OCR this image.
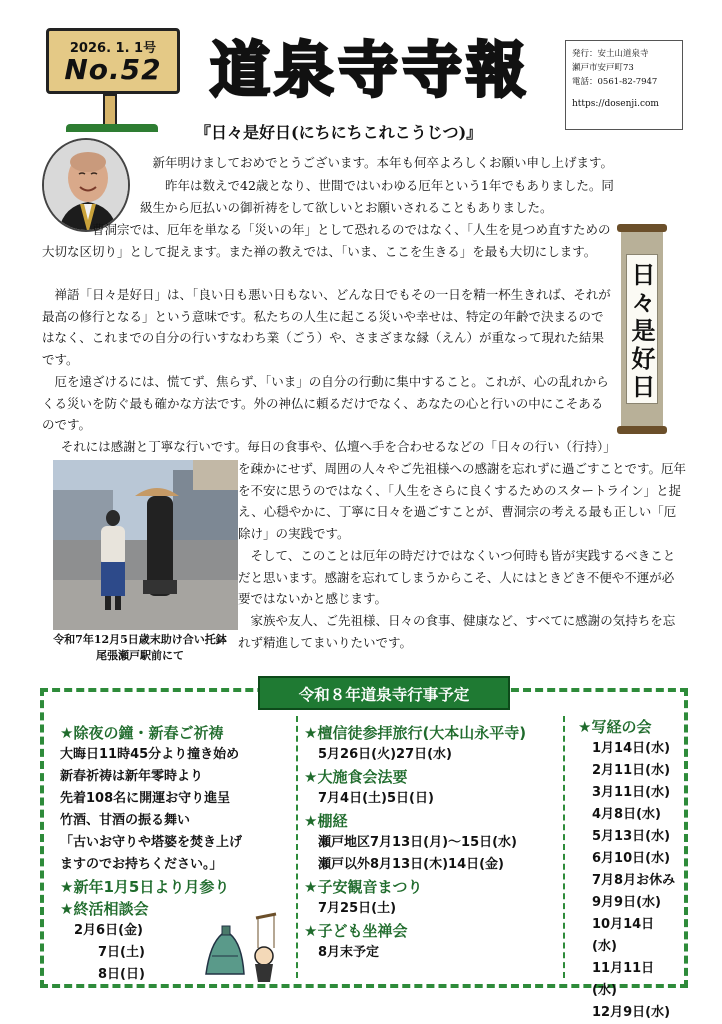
2026. 1. 1号
No.52 道泉寺寺報	発行：安土山道泉寺
瀬戸市安戸町73
電話：0561-82-7947
https://dosenji.com
『日々是好日(にちにちこれこうじつ)』
日々是好日

新年明けましておめでとうございます。本年も何卒よろしくお願い申し上げます。

昨年は数えで42歳となり、世間ではいわゆる厄年という1年でもありました。同級生から厄払いの御祈祷をして欲しいとお願いされることもありました。

曹洞宗では、厄年を単なる「災いの年」として恐れるのではなく、「人生を見つめ直すための大切な区切り」として捉えます。また禅の教えでは、「いま、ここを生きる」を最も大切にします。

禅語「日々是好日」は、「良い日も悪い日もない、どんな日でもその一日を精一杯生きれば、それが最高の修行となる」という意味です。私たちの人生に起こる災いや幸せは、特定の年齢で決まるのではなく、これまでの自分の行いすなわち業（ごう）や、さまざまな縁（えん）が重なって現れた結果です。

厄を遠ざけるには、慌てず、焦らず、「いま」の自分の行動に集中すること。これが、心の乱れからくる災いを防ぐ最も確かな方法です。外の神仏に頼るだけでなく、あなたの心と行いの中にこそあるのです。

それには感謝と丁寧な行いです。毎日の食事や、仏壇へ手を合わせるなどの「日々の行い（行持）」

を疎かにせず、周囲の人々やご先祖様への感謝を忘れずに過ごすことです。厄年を不安に思うのではなく、「人生をさらに良くするためのスタートライン」と捉え、心穏やかに、丁寧に日々を過ごすことが、曹洞宗の考える最も正しい「厄除け」の実践です。

そして、このことは厄年の時だけではなくいつ何時も皆が実践するべきことだと思います。感謝を忘れてしまうからこそ、人にはときどき不便や不運が必要ではないかと感じます。

家族や友人、ご先祖様、日々の食事、健康など、すべてに感謝の気持ちを忘れず精進してまいりたいです。

令和7年12月5日歳末助け合い托鉢
尾張瀬戸駅前にて
令和８年道泉寺行事予定
★除夜の鐘・新春ご祈祷
大晦日11時45分より撞き始め
新春祈祷は新年零時より
先着108名に開運お守り進呈
竹酒、甘酒の振る舞い
「古いお守りや塔婆を焚き上げ
ますのでお持ちください。」
★新年1月5日より月参り
★終活相談会
2月6日(金)
7日(土)
8日(日)
★檀信徒参拝旅行(大本山永平寺)
5月26日(火)27日(水)
★大施食会法要
7月4日(土)5日(日)
★棚経
瀬戸地区7月13日(月)～15日(水)
瀬戸以外8月13日(木)14日(金)
★子安観音まつり
7月25日(土)
★子ども坐禅会
8月末予定
★写経の会
1月14日(水)
2月11日(水)
3月11日(水)
4月8日(水)
5月13日(水)
6月10日(水)
7月8月お休み
9月9日(水)
10月14日(水)
11月11日(水)
12月9日(水)
